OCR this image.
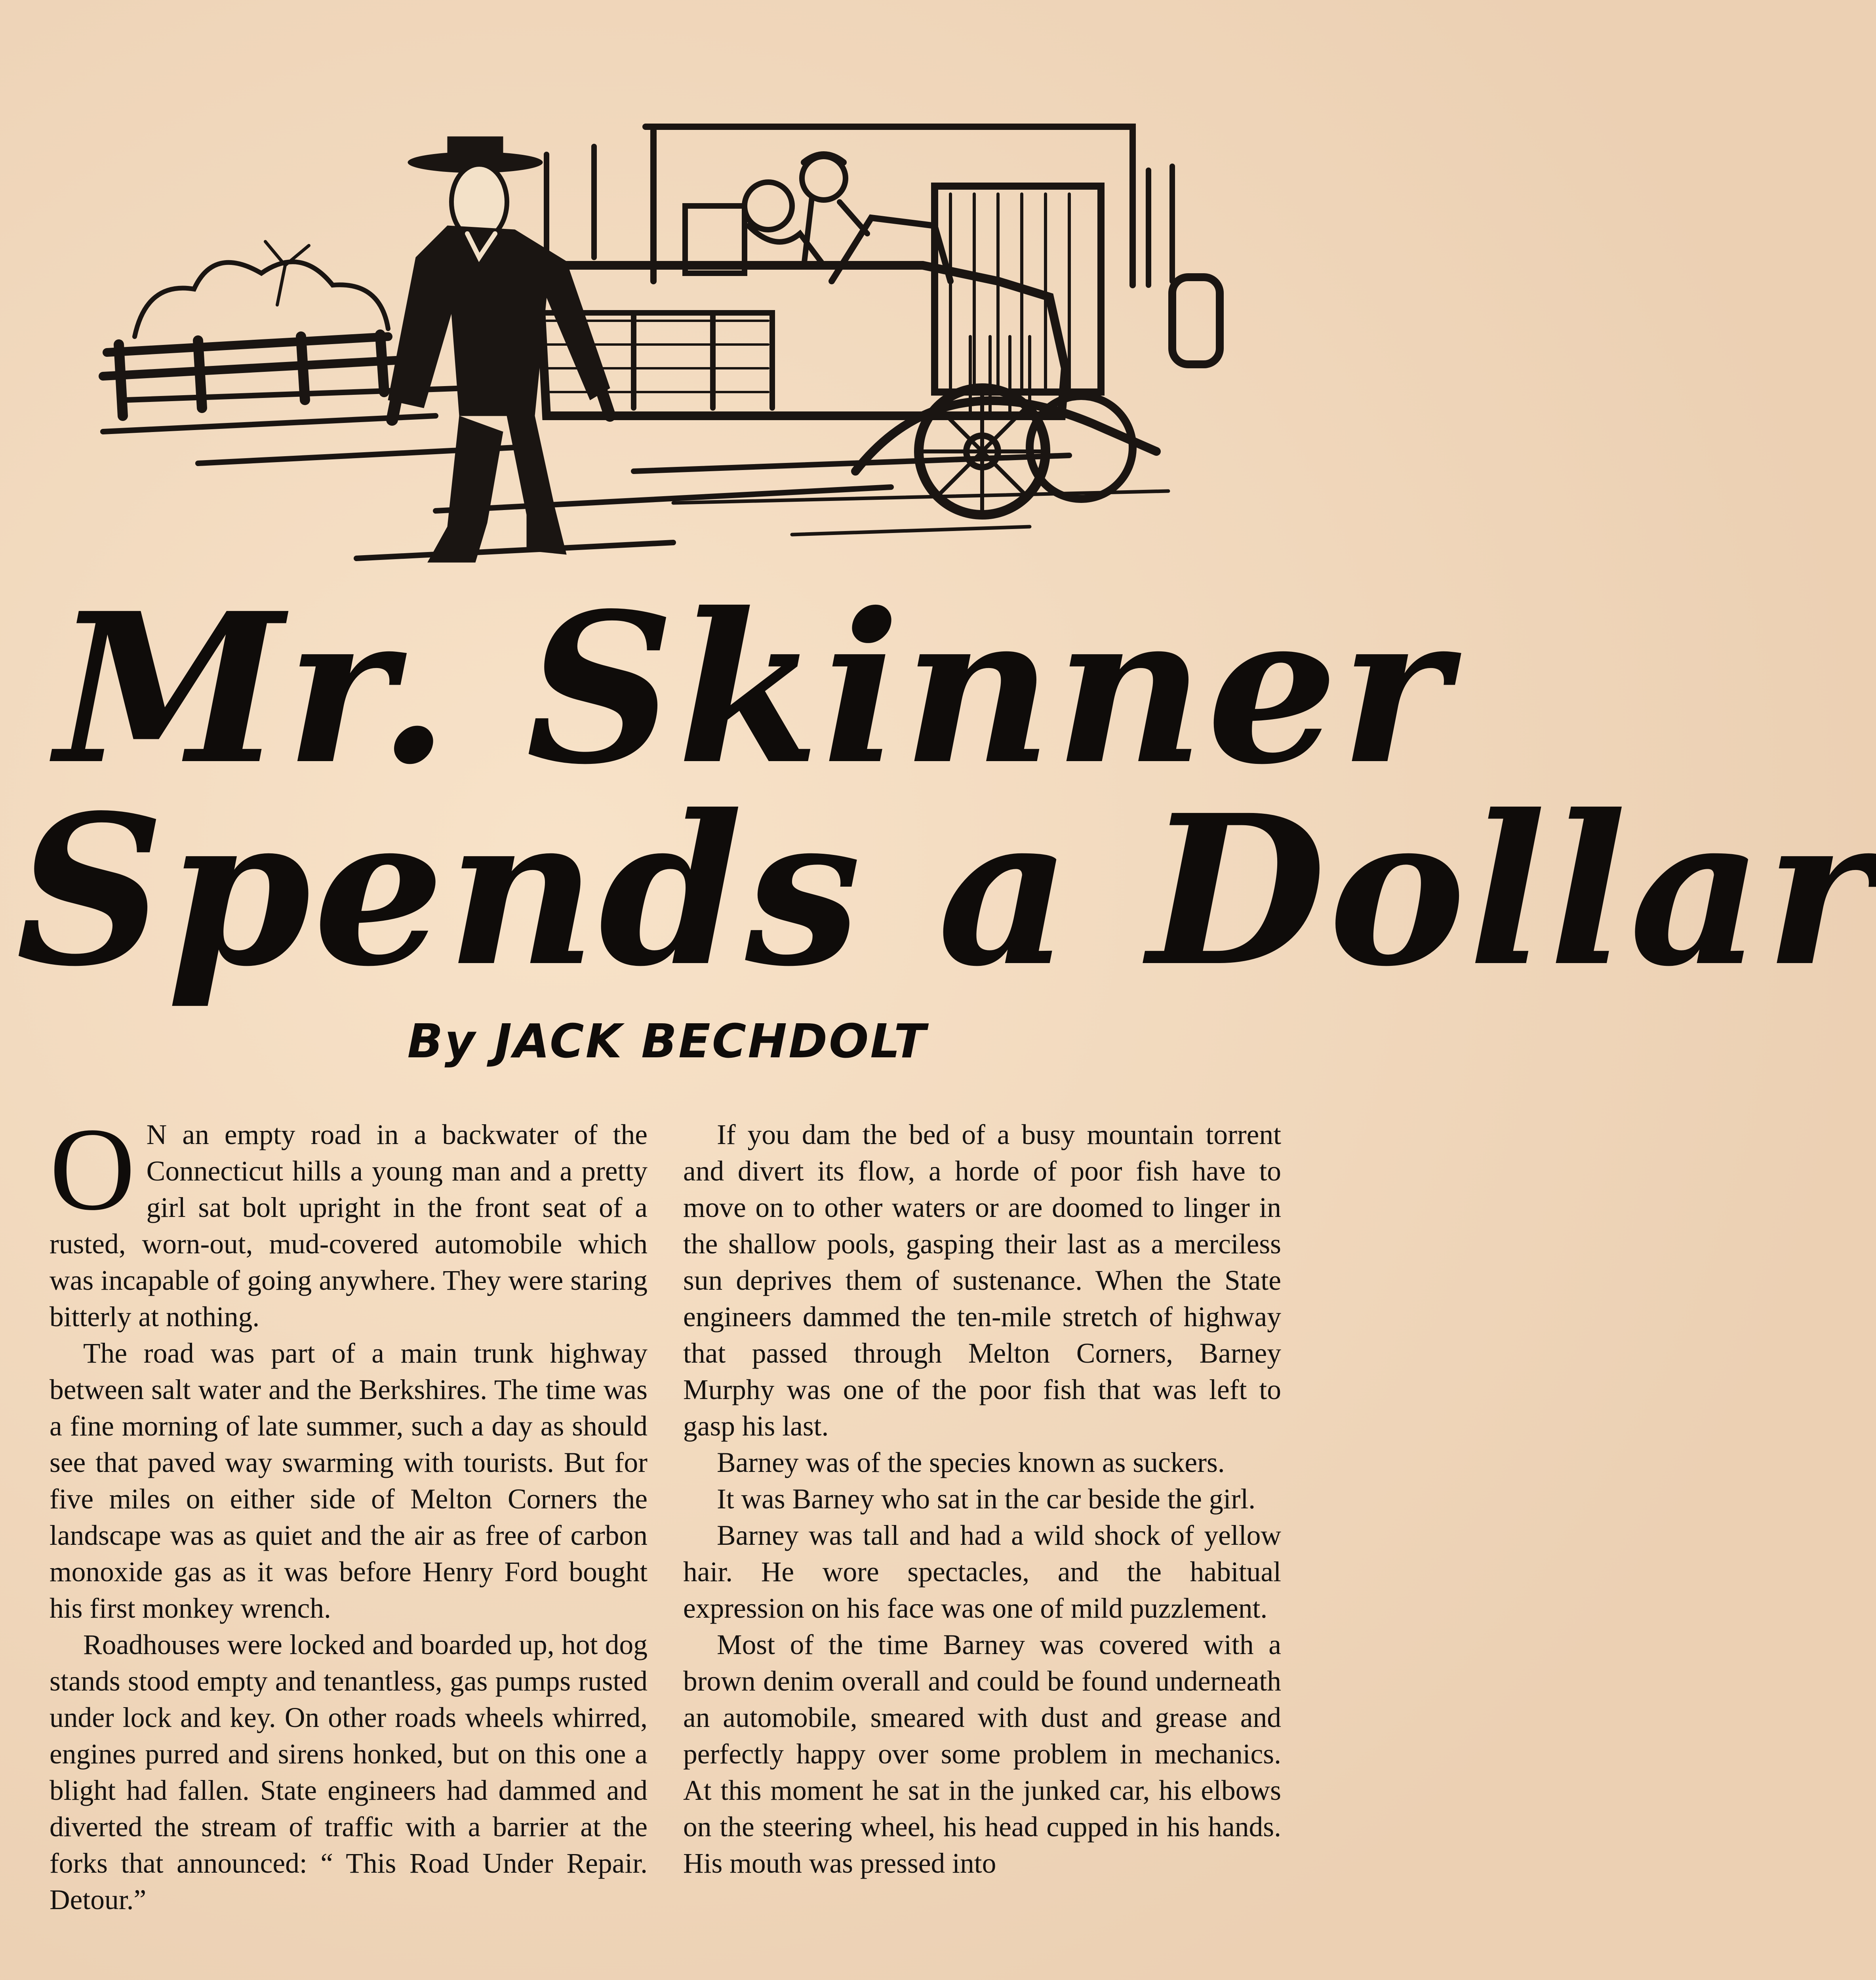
Mr. Skinner
Spends a Dollar
By JACK BECHDOLT

O N an empty road in a backwater of the Connecticut hills a young man and a pretty girl sat bolt upright in the front seat of a rusted, worn-out, mud-covered automobile which was incapable of going anywhere. They were staring bitterly at nothing.

The road was part of a main trunk highway between salt water and the Berkshires. The time was a fine morning of late summer, such a day as should see that paved way swarming with tourists. But for five miles on either side of Melton Corners the landscape was as quiet and the air as free of carbon monoxide gas as it was before Henry Ford bought his first monkey wrench.

Roadhouses were locked and boarded up, hot dog stands stood empty and tenantless, gas pumps rusted under lock and key. On other roads wheels whirred, engines purred and sirens honked, but on this one a blight had fallen. State engineers had dammed and diverted the stream of traffic with a barrier at the forks that announced: “ This Road Under Repair. Detour.”

If you dam the bed of a busy mountain torrent and divert its flow, a horde of poor fish have to move on to other waters or are doomed to linger in the shallow pools, gasping their last as a merciless sun deprives them of sustenance. When the State engineers dammed the ten-mile stretch of highway that passed through Melton Corners, Barney Murphy was one of the poor fish that was left to gasp his last.

Barney was of the species known as suckers.

It was Barney who sat in the car beside the girl.

Barney was tall and had a wild shock of yellow hair. He wore spectacles, and the habitual expression on his face was one of mild puzzlement.

Most of the time Barney was covered with a brown denim overall and could be found underneath an automobile, smeared with dust and grease and perfectly happy over some problem in mechanics. At this moment he sat in the junked car, his elbows on the steering wheel, his head cupped in his hands. His mouth was pressed into
